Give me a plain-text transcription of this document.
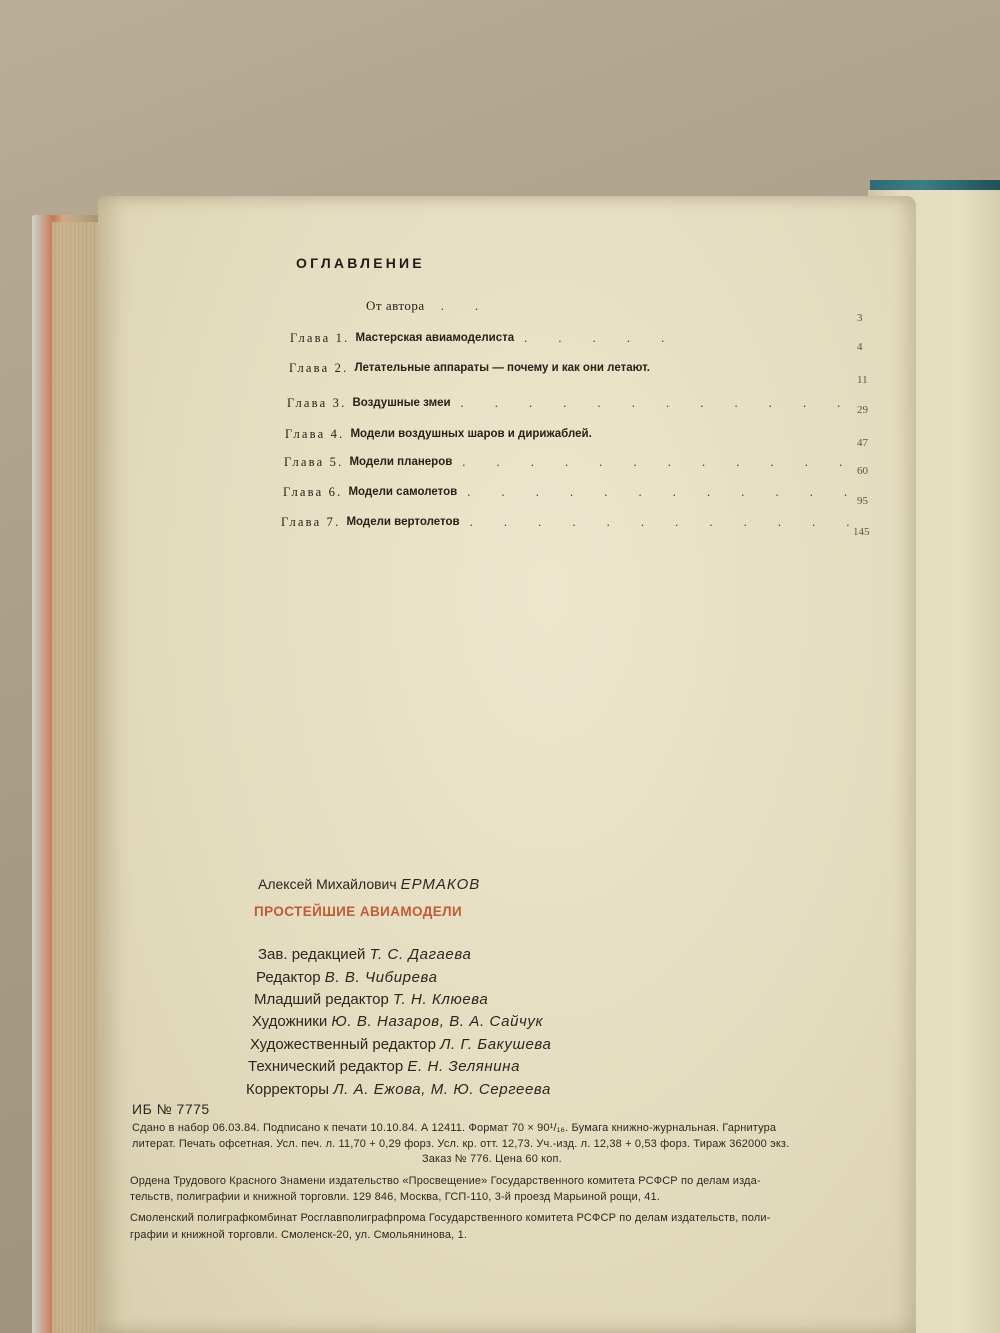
ОГЛАВЛЕНИЕ
От автора . .
3
Глава 1. Мастерская авиамоделиста . . . . .
4
Глава 2. Летательные аппараты — почему и как они летают.
11
Глава 3. Воздушные змеи . . . . . . . . . . . .
29
Глава 4. Модели воздушных шаров и дирижаблей.
47
Глава 5. Модели планеров . . . . . . . . . . . .
60
Глава 6. Модели самолетов . . . . . . . . . . . .
95
Глава 7. Модели вертолетов . . . . . . . . . . . .
145
Алексей Михайлович ЕРМАКОВ
ПРОСТЕЙШИЕ АВИАМОДЕЛИ
Зав. редакцией Т. С. Дагаева
Редактор В. В. Чибирева
Младший редактор Т. Н. Клюева
Художники Ю. В. Назаров, В. А. Сайчук
Художественный редактор Л. Г. Бакушева
Технический редактор Е. Н. Зелянина
Корректоры Л. А. Ежова, М. Ю. Сергеева
ИБ № 7775
Сдано в набор 06.03.84. Подписано к печати 10.10.84. А 12411. Формат 70 × 90¹/₁₆. Бумага книжно-журнальная. Гарнитура
литерат. Печать офсетная. Усл. печ. л. 11,70 + 0,29 форз. Усл. кр. отт. 12,73. Уч.-изд. л. 12,38 + 0,53 форз. Тираж 362000 экз.
Заказ № 776. Цена 60 коп.
Ордена Трудового Красного Знамени издательство «Просвещение» Государственного комитета РСФСР по делам изда-
тельств, полиграфии и книжной торговли. 129 846, Москва, ГСП-110, 3-й проезд Марьиной рощи, 41.
Смоленский полиграфкомбинат Росглавполиграфпрома Государственного комитета РСФСР по делам издательств, поли-
графии и книжной торговли. Смоленск-20, ул. Смольянинова, 1.
